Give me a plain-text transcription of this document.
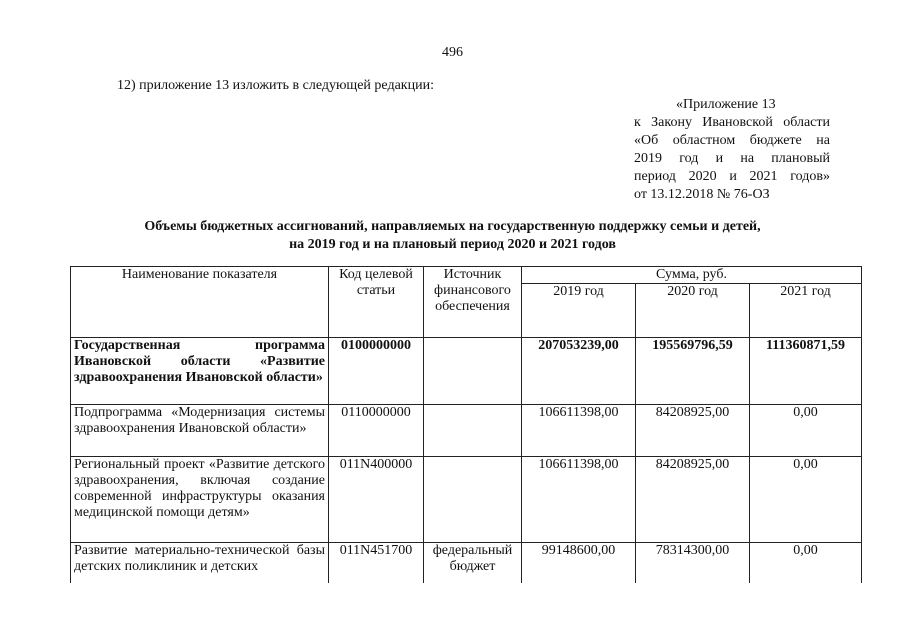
496
12) приложение 13 изложить в следующей редакции:
«Приложение 13
к Закону Ивановской области
«Об областном бюджете на
2019 год и на плановый
период 2020 и 2021 годов»
от 13.12.2018 № 76-ОЗ
Объемы бюджетных ассигнований, направляемых на государственную поддержку семьи и детей,
на 2019 год и на плановый период 2020 и 2021 годов
Наименование показателя	Код целевой статьи	Источник финансового обеспечения	Сумма, руб.		
			2019 год	2020 год	2021 год
Государственная программа Ивановской области «Развитие здравоохранения Ивановской области»	0100000000		207053239,00	195569796,59	111360871,59
Подпрограмма «Модернизация системы здравоохранения Ивановской области»	0110000000		106611398,00	84208925,00	0,00
Региональный проект «Развитие детского здравоохранения, включая создание современной инфраструктуры оказания медицинской помощи детям»	011N400000		106611398,00	84208925,00	0,00
Развитие материально-технической базы детских поликлиник и детских	011N451700	федеральный бюджет	99148600,00	78314300,00	0,00
